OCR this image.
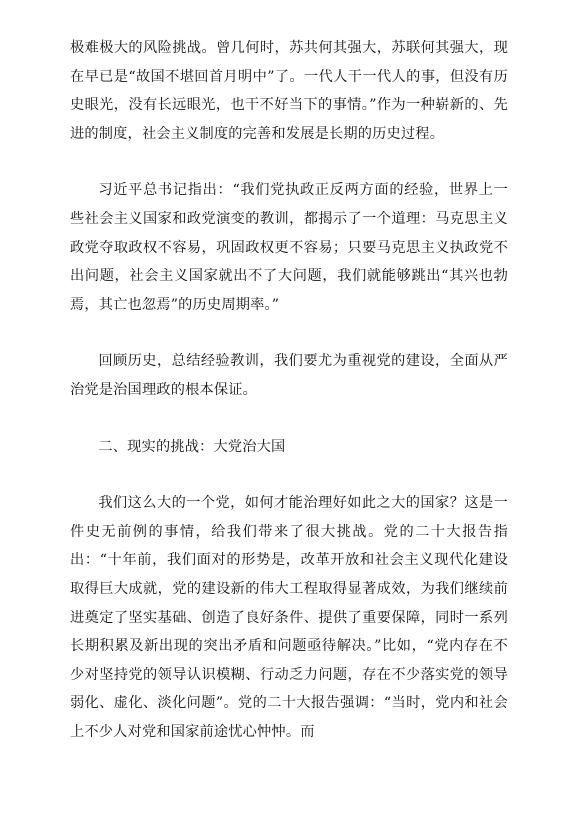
极难极大的风险挑战。曾几何时，苏共何其强大，苏联何其强大，现在早已是“故国不堪回首月明中”了。一代人干一代人的事，但没有历史眼光，没有长远眼光，也干不好当下的事情。”作为一种崭新的、先进的制度，社会主义制度的完善和发展是长期的历史过程。

习近平总书记指出：“我们党执政正反两方面的经验，世界上一些社会主义国家和政党演变的教训，都揭示了一个道理：马克思主义政党夺取政权不容易，巩固政权更不容易；只要马克思主义执政党不出问题，社会主义国家就出不了大问题，我们就能够跳出“其兴也勃焉，其亡也忽焉”的历史周期率。”

回顾历史，总结经验教训，我们要尤为重视党的建设，全面从严治党是治国理政的根本保证。

二、现实的挑战：大党治大国

我们这么大的一个党，如何才能治理好如此之大的国家？这是一件史无前例的事情，给我们带来了很大挑战。党的二十大报告指出：“十年前，我们面对的形势是，改革开放和社会主义现代化建设取得巨大成就，党的建设新的伟大工程取得显著成效，为我们继续前进奠定了坚实基础、创造了良好条件、提供了重要保障，同时一系列长期积累及新出现的突出矛盾和问题亟待解决。”比如，“党内存在不少对坚持党的领导认识模糊、行动乏力问题，存在不少落实党的领导弱化、虚化、淡化问题”。党的二十大报告强调：“当时，党内和社会上不少人对党和国家前途忧心忡忡。而
